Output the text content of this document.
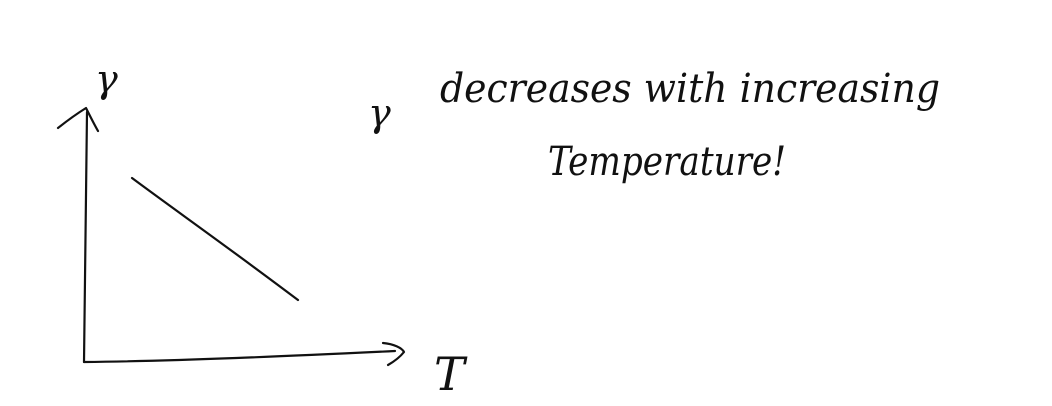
γ
T
γ
decreases with increasing
Temperature!
